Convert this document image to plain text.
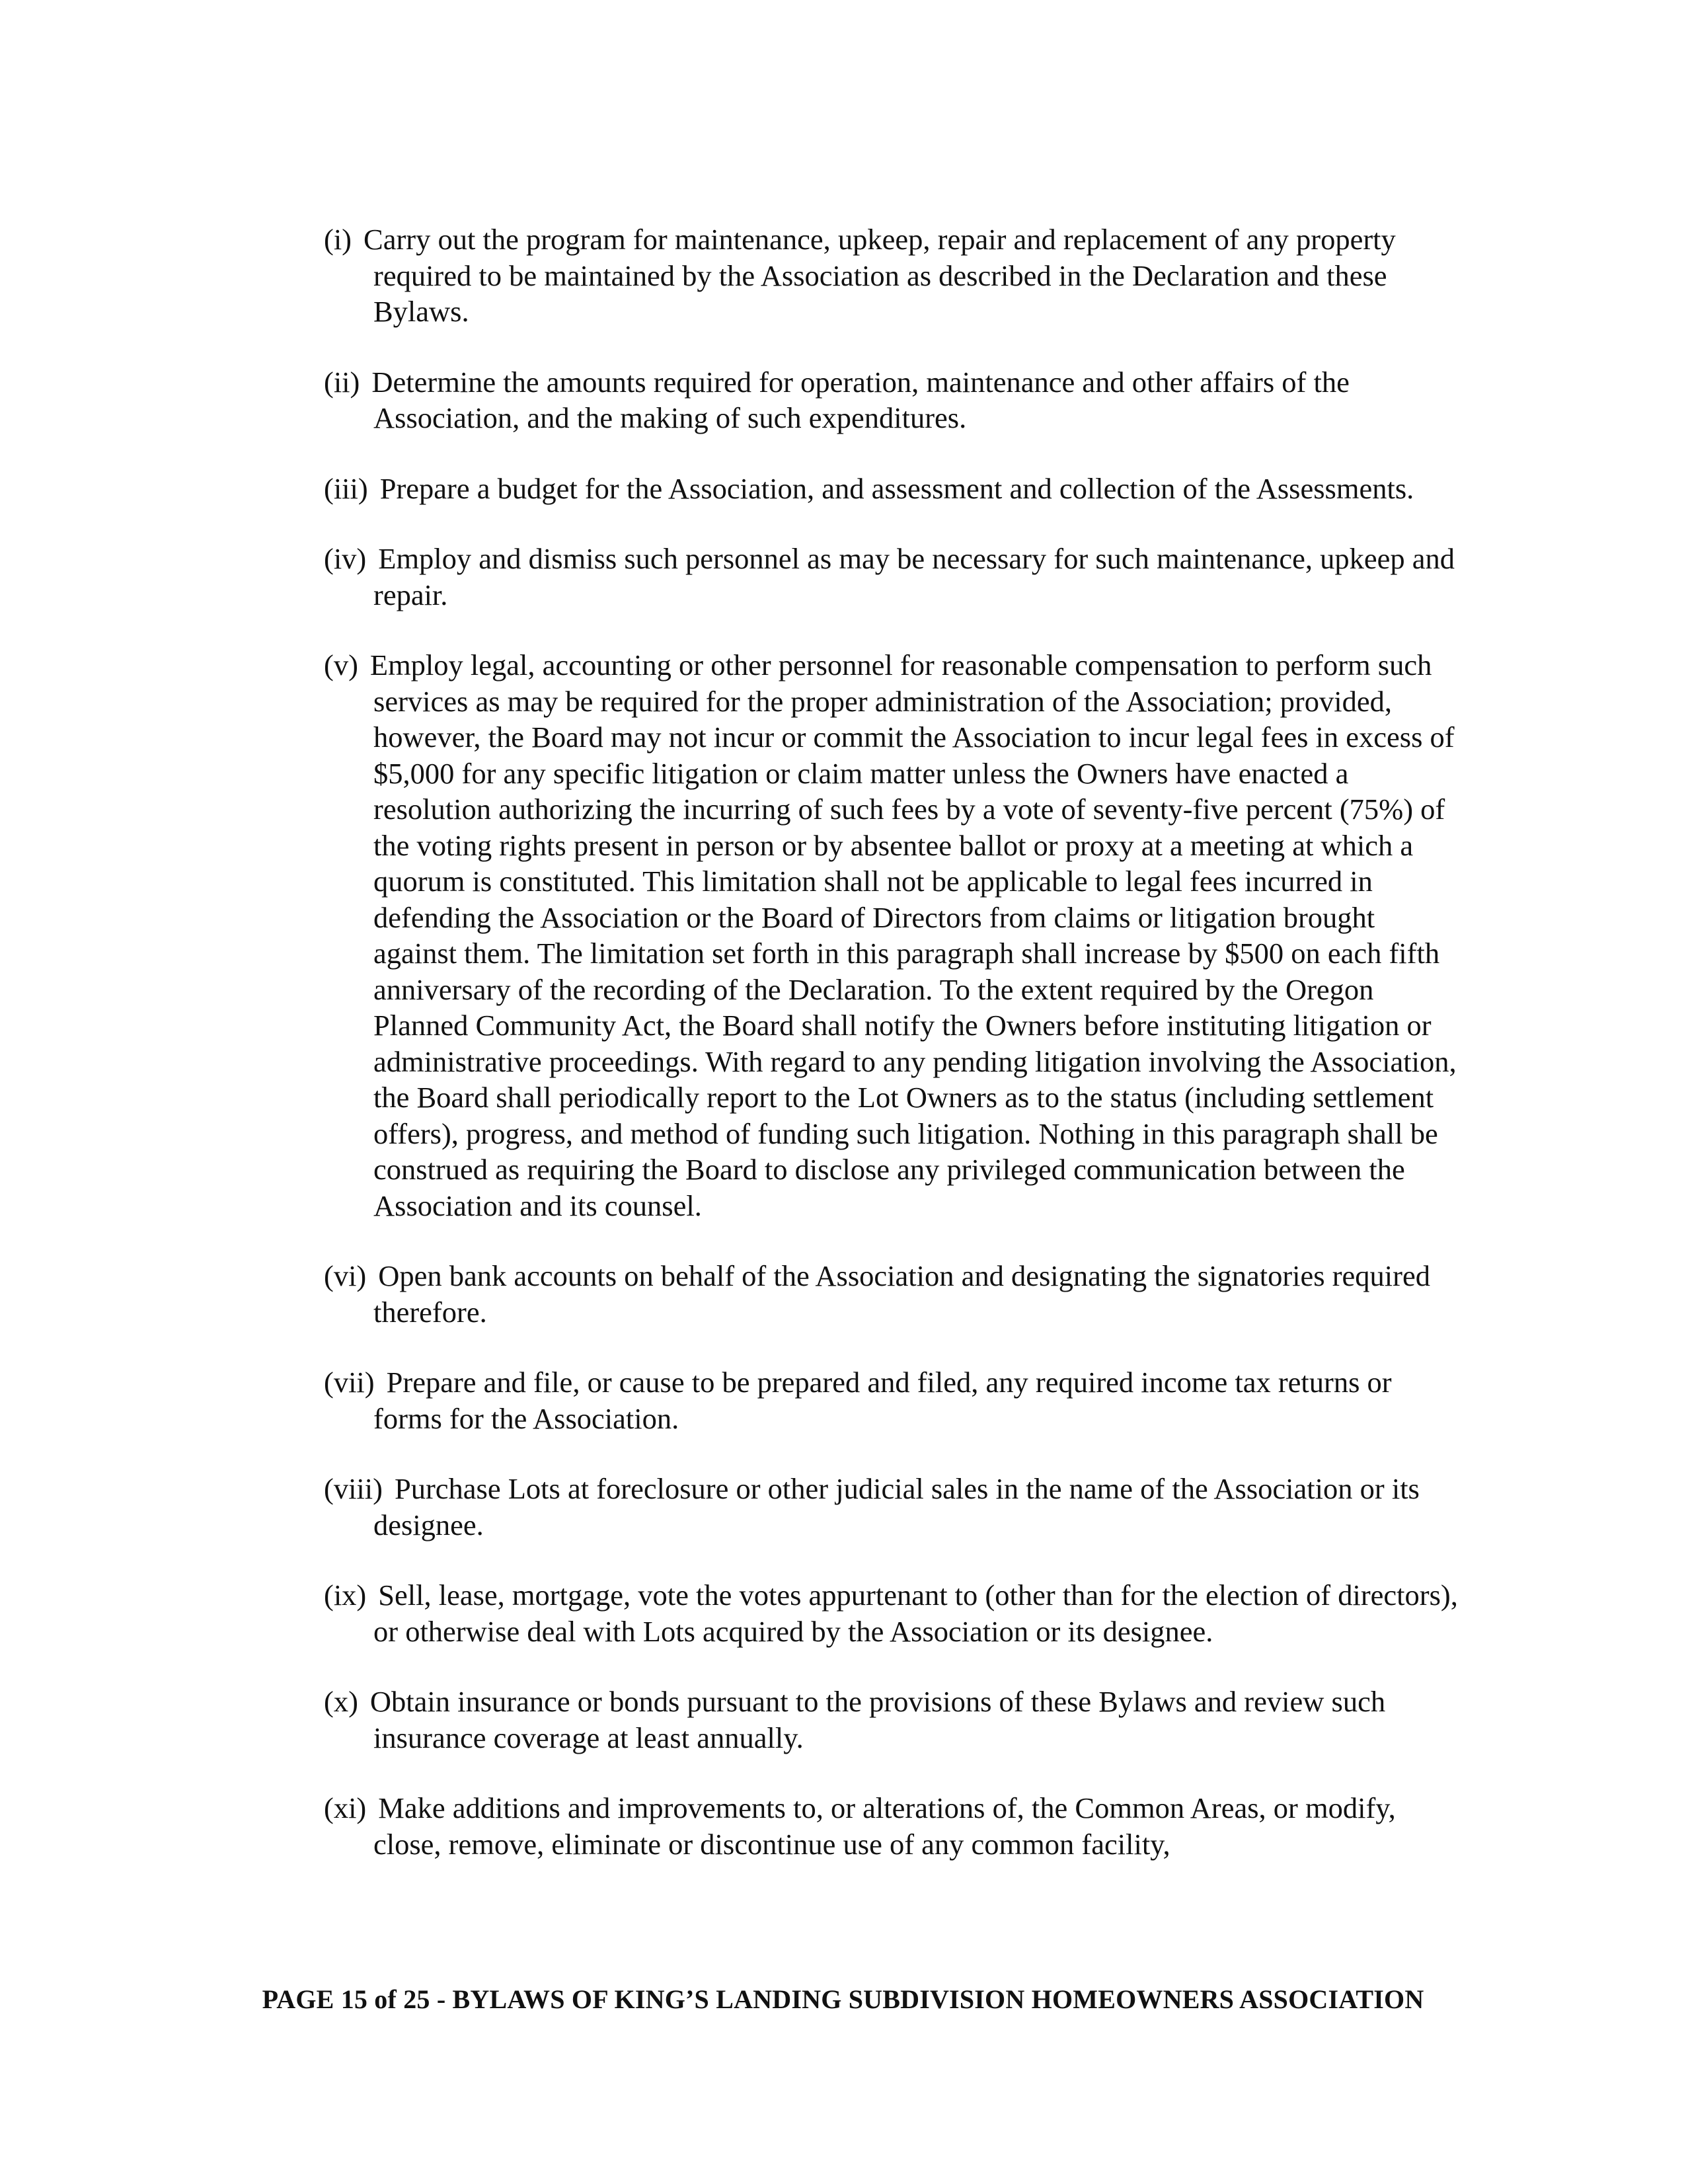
(i) Carry out the program for maintenance, upkeep, repair and replacement of any property required to be maintained by the Association as described in the Declaration and these Bylaws.

(ii) Determine the amounts required for operation, maintenance and other affairs of the Association, and the making of such expenditures.

(iii) Prepare a budget for the Association, and assessment and collection of the Assessments.

(iv) Employ and dismiss such personnel as may be necessary for such maintenance, upkeep and repair.

(v) Employ legal, accounting or other personnel for reasonable compensation to perform such services as may be required for the proper administration of the Association; provided, however, the Board may not incur or commit the Association to incur legal fees in excess of $5,000 for any specific litigation or claim matter unless the Owners have enacted a resolution authorizing the incurring of such fees by a vote of seventy-five percent (75%) of the voting rights present in person or by absentee ballot or proxy at a meeting at which a quorum is constituted. This limitation shall not be applicable to legal fees incurred in defending the Association or the Board of Directors from claims or litigation brought against them. The limitation set forth in this paragraph shall increase by $500 on each fifth anniversary of the recording of the Declaration. To the extent required by the Oregon Planned Community Act, the Board shall notify the Owners before instituting litigation or administrative proceedings. With regard to any pending litigation involving the Association, the Board shall periodically report to the Lot Owners as to the status (including settlement offers), progress, and method of funding such litigation. Nothing in this paragraph shall be construed as requiring the Board to disclose any privileged communication between the Association and its counsel.

(vi) Open bank accounts on behalf of the Association and designating the signatories required therefore.

(vii) Prepare and file, or cause to be prepared and filed, any required income tax returns or forms for the Association.

(viii) Purchase Lots at foreclosure or other judicial sales in the name of the Association or its designee.

(ix) Sell, lease, mortgage, vote the votes appurtenant to (other than for the election of directors), or otherwise deal with Lots acquired by the Association or its designee.

(x) Obtain insurance or bonds pursuant to the provisions of these Bylaws and review such insurance coverage at least annually.

(xi) Make additions and improvements to, or alterations of, the Common Areas, or modify, close, remove, eliminate or discontinue use of any common facility,

PAGE 15 of 25 - BYLAWS OF KING’S LANDING SUBDIVISION HOMEOWNERS ASSOCIATION
